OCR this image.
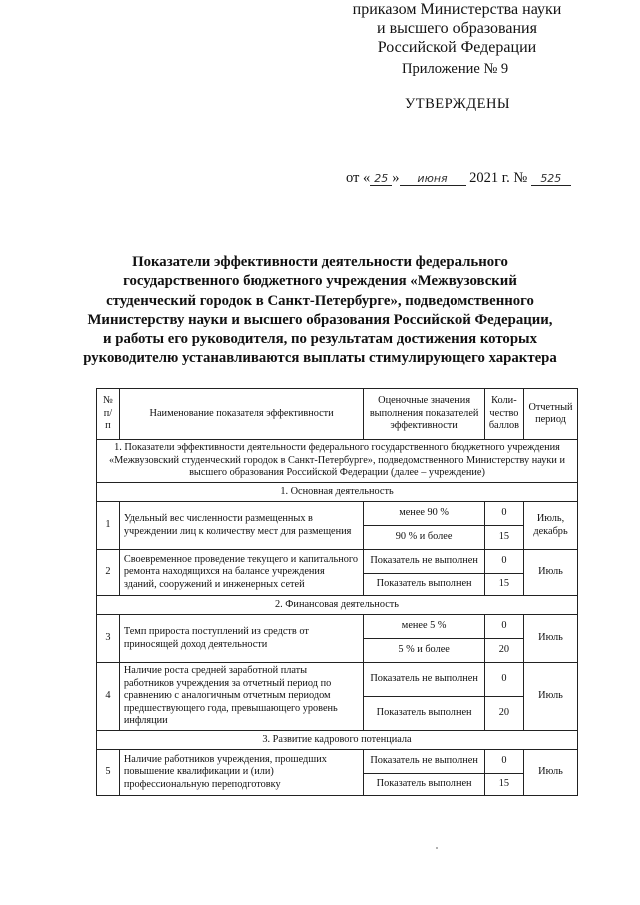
Приложение № 9
УТВЕРЖДЕНЫ
приказом Министерства науки
и высшего образования
Российской Федерации
от « 25 » июня 2021 г. № 525
Показатели эффективности деятельности федерального
государственного бюджетного учреждения «Межвузовский
студенческий городок в Санкт-Петербурге», подведомственного
Министерству науки и высшего образования Российской Федерации,
и работы его руководителя, по результатам достижения которых
руководителю устанавливаются выплаты стимулирующего характера
№ п/п	Наименование показателя эффективности	Оценочные значения выполнения показателей эффективности	Коли-чество баллов	Отчетный период
1. Показатели эффективности деятельности федерального государственного бюджетного учреждения «Межвузовский студенческий городок в Санкт-Петербурге», подведомственного Министерству науки и высшего образования Российской Федерации (далее – учреждение)				
1. Основная деятельность				
1	Удельный вес численности размещенных в учреждении лиц к количеству мест для размещения	менее 90 %	0	Июль, декабрь
		90 % и более	15	
2	Своевременное проведение текущего и капитального ремонта находящихся на балансе учреждения зданий, сооружений и инженерных сетей	Показатель не выполнен	0	Июль
		Показатель выполнен	15	
2. Финансовая деятельность				
3	Темп прироста поступлений из средств от приносящей доход деятельности	менее 5 %	0	Июль
		5 % и более	20	
4	Наличие роста средней заработной платы работников учреждения за отчетный период по сравнению с аналогичным отчетным периодом предшествующего года, превышающего уровень инфляции	Показатель не выполнен	0	Июль
		Показатель выполнен	20	
3. Развитие кадрового потенциала				
5	Наличие работников учреждения, прошедших повышение квалификации и (или) профессиональную переподготовку	Показатель не выполнен	0	Июль
		Показатель выполнен	15	
